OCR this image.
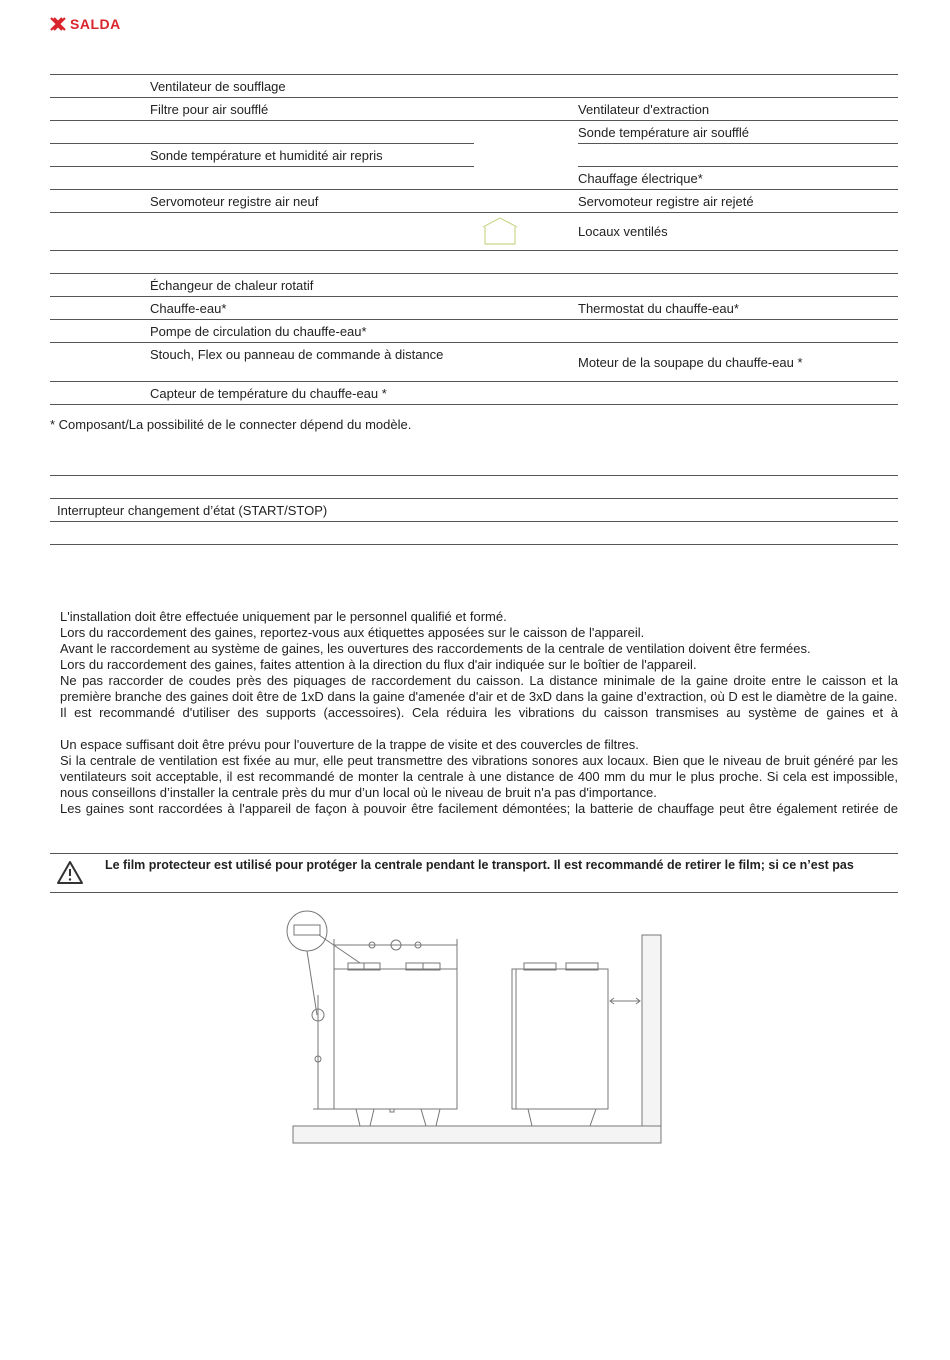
SALDA
Ventilateur de soufflage
Filtre pour air soufflé
Sonde température et humidité air repris
Servomoteur registre air neuf
Échangeur de chaleur rotatif
Chauffe-eau*
Pompe de circulation du chauffe-eau*
Stouch, Flex ou panneau de commande à distance
Capteur de température du chauffe-eau *
Ventilateur d'extraction
Sonde température air soufflé
Chauffage électrique*
Servomoteur registre air rejeté
Locaux ventilés
Thermostat du chauffe-eau*
Moteur de la soupape du chauffe-eau *
* Composant/La possibilité de le connecter dépend du modèle.
Interrupteur changement d’état (START/STOP)

L'installation doit être effectuée uniquement par le personnel qualifié et formé.

Lors du raccordement des gaines, reportez-vous aux étiquettes apposées sur le caisson de l'appareil.

Avant le raccordement au système de gaines, les ouvertures des raccordements de la centrale de ventilation doivent être fermées.

Lors du raccordement des gaines, faites attention à la direction du flux d'air indiquée sur le boîtier de l'appareil.

Ne pas raccorder de coudes près des piquages de raccordement du caisson. La distance minimale de la gaine droite entre le caisson et la première branche des gaines doit être de 1xD dans la gaine d'amenée d'air et de 3xD dans la gaine d’extraction, où D est le diamètre de la gaine.

Il est recommandé d'utiliser des supports (accessoires). Cela réduira les vibrations du caisson transmises au système de gaines et à

Un espace suffisant doit être prévu pour l'ouverture de la trappe de visite et des couvercles de filtres.

Si la centrale de ventilation est fixée au mur, elle peut transmettre des vibrations sonores aux locaux. Bien que le niveau de bruit généré par les ventilateurs soit acceptable, il est recommandé de monter la centrale à une distance de 400 mm du mur le plus proche. Si cela est impossible, nous conseillons d’installer la centrale près du mur d’un local où le niveau de bruit n'a pas d'importance.

Les gaines sont raccordées à l'appareil de façon à pouvoir être facilement démontées; la batterie de chauffage peut être également retirée de

Le film protecteur est utilisé pour protéger la centrale pendant le transport. Il est recommandé de retirer le film; si ce n’est pas
